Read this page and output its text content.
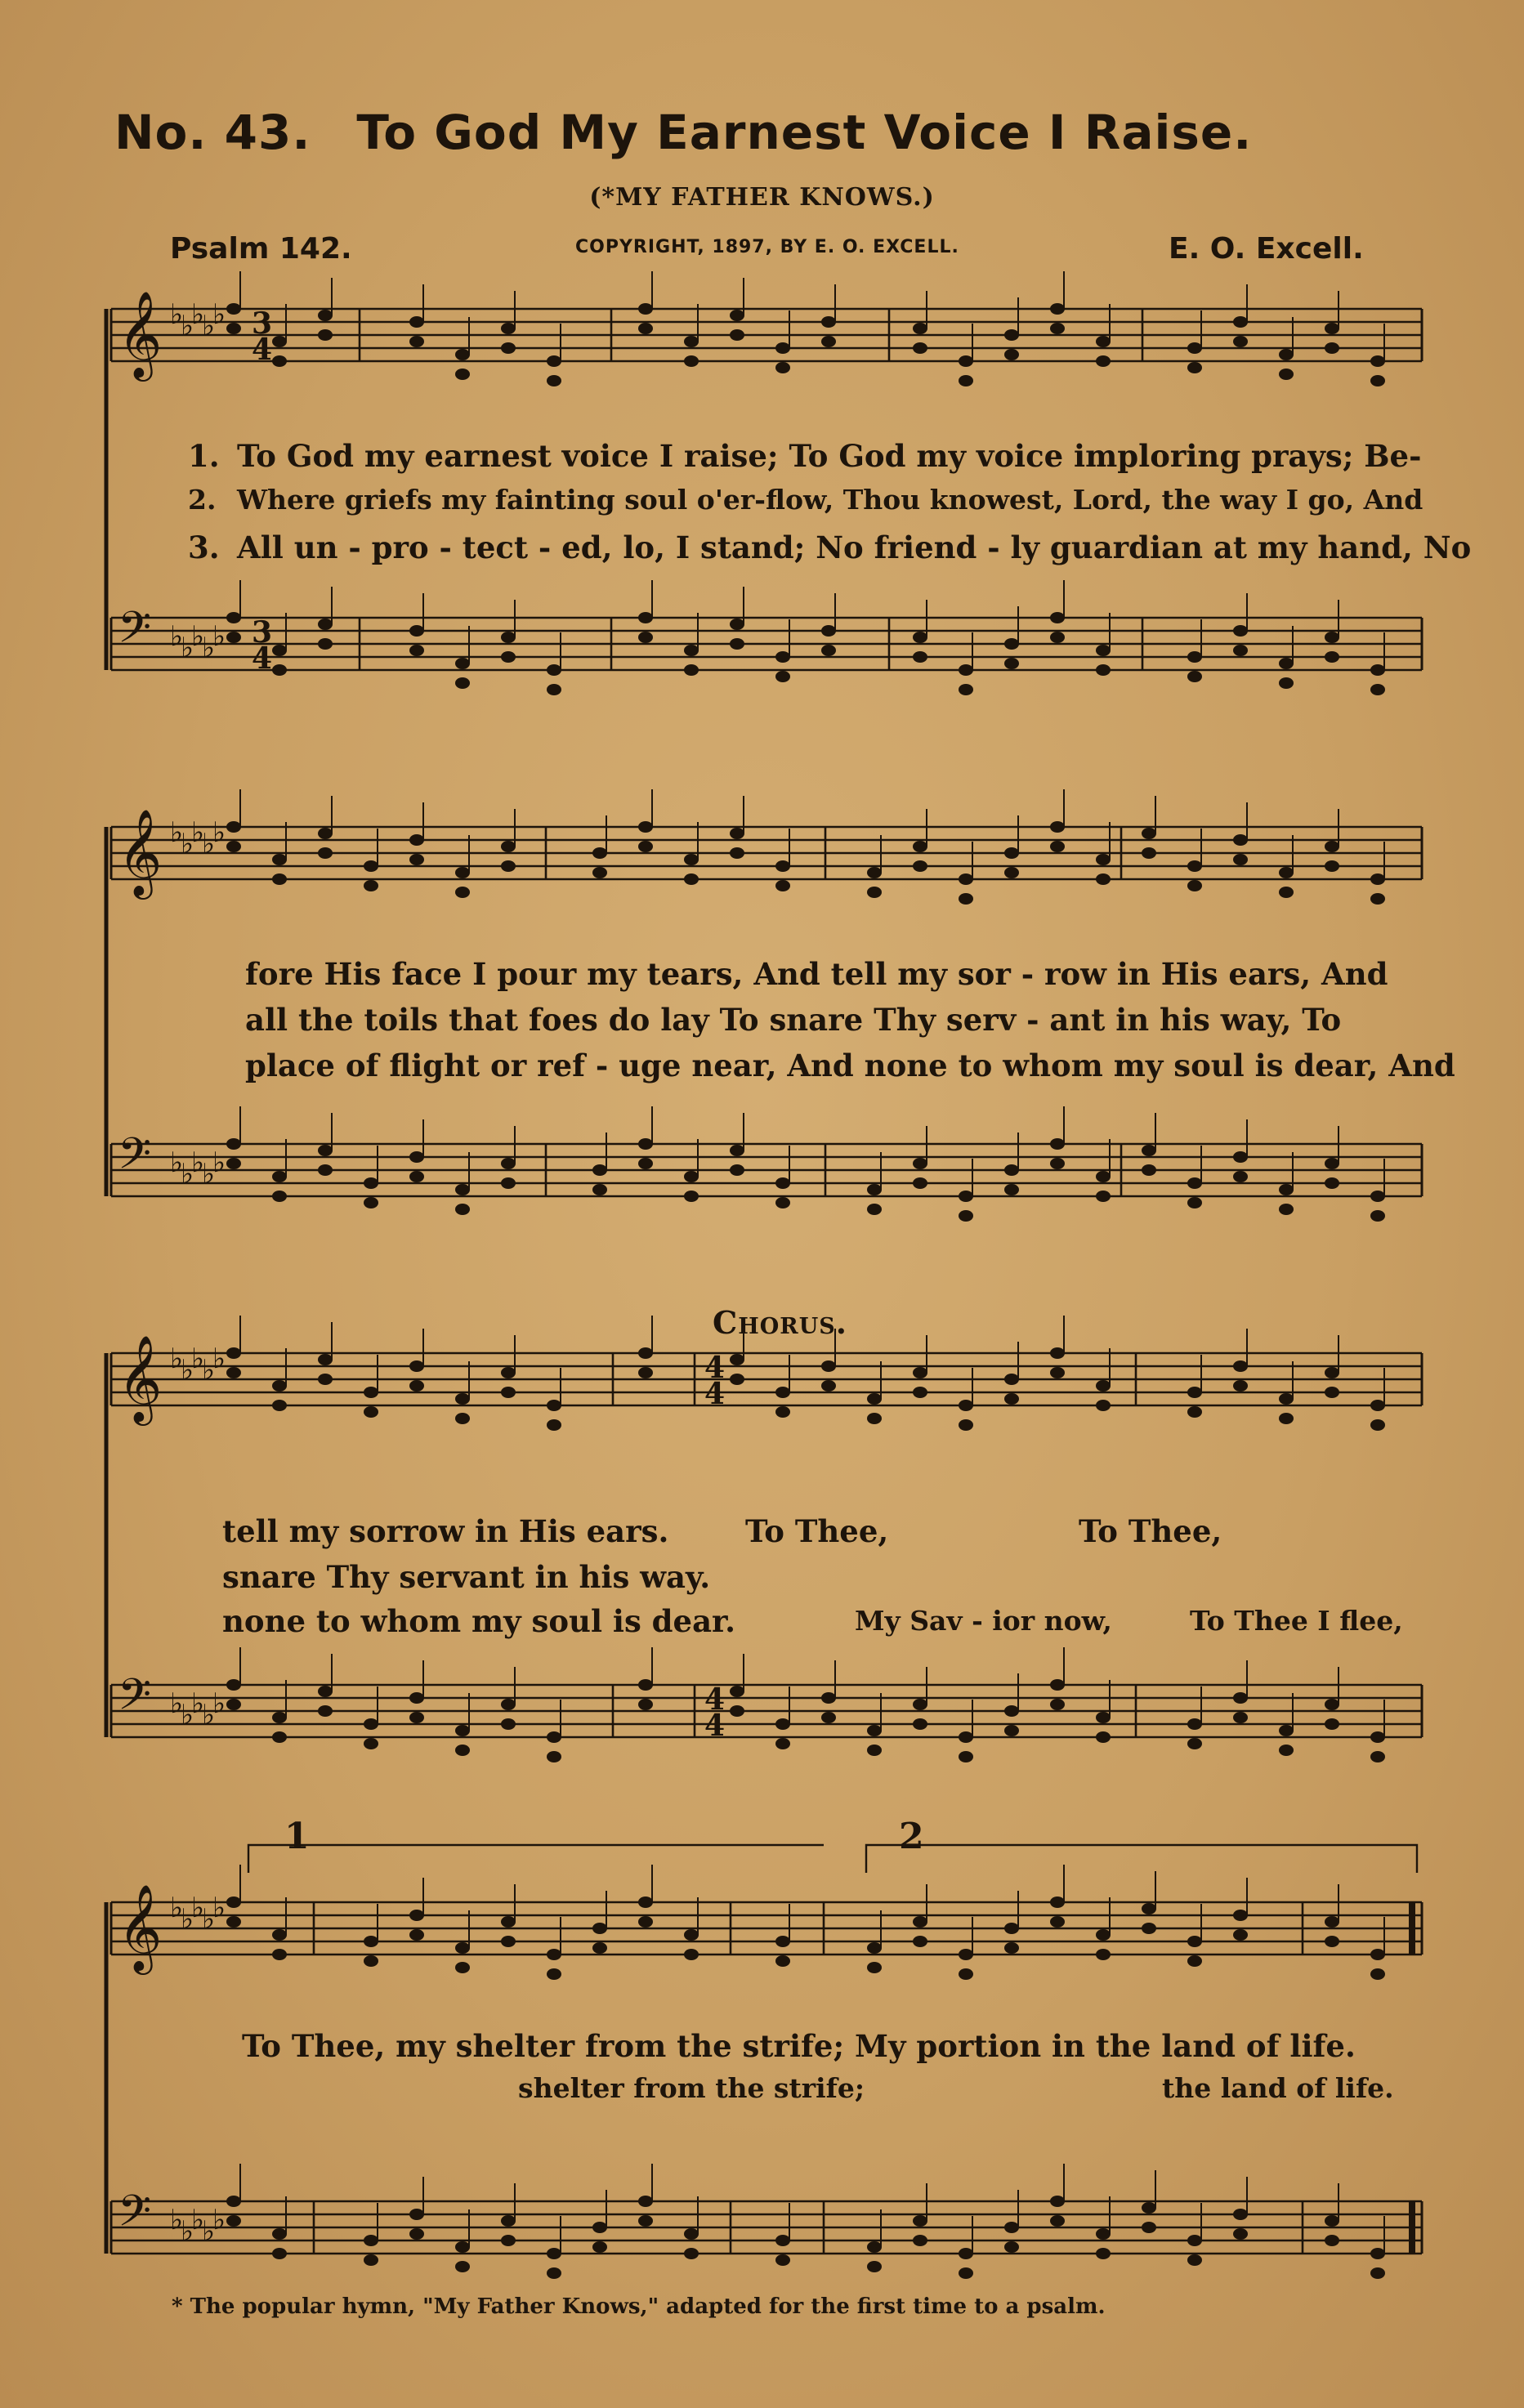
No. 43. To God My Earnest Voice I Raise.
(*MY FATHER KNOWS.)
Psalm 142.	COPYRIGHT, 1897, BY E. O. EXCELL.	E. O. Excell.
𝄞 ♭
♭
♭
♭
♭
𝄢 ♭
♭
♭
♭
♭
𝄞 ♭
♭
♭
♭
♭
𝄢 ♭
♭
♭
♭
♭
𝄞 ♭
♭
♭
♭
♭
𝄢 ♭
♭
♭
♭
♭
𝄞 ♭
♭
♭
♭
♭
𝄢 ♭
♭
♭
♭
♭
3
4
3
4
4
4
4
4
1. To God my earnest voice I raise; To God my voice imploring prays; Be-
2. Where griefs my fainting soul o'er-flow, Thou knowest, Lord, the way I go, And
3. All un - pro - tect - ed, lo, I stand; No friend - ly guardian at my hand, No
fore His face I pour my tears, And tell my sor - row in His ears, And
all the toils that foes do lay To snare Thy serv - ant in his way, To
place of flight or ref - uge near, And none to whom my soul is dear, And
Chorus.
tell my sorrow in His ears.
snare Thy servant in his way.
none to whom my soul is dear.
To Thee,	To Thee,
My Sav - ior now,	To Thee I flee,
1	2
To Thee, my shelter from the strife; My portion in the land of life.
shelter from the strife;	the land of life.
* The popular hymn, "My Father Knows," adapted for the first time to a psalm.
